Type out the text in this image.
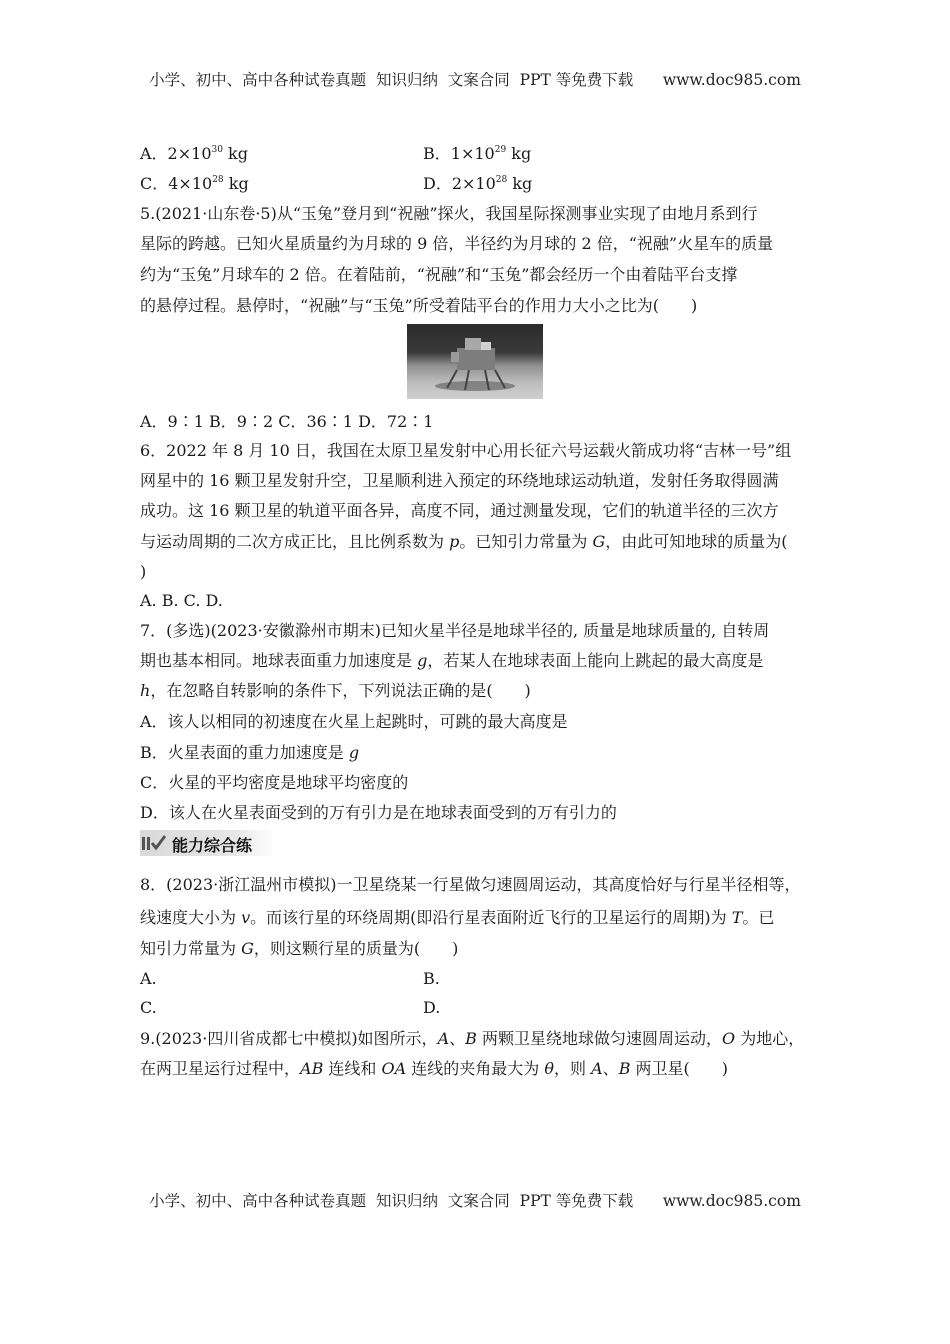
小学、初中、高中各种试卷真题  知识归纳  文案合同  PPT 等免费下载      www.doc985.com
A．$2\times 10^{30}$ kg	B．$1\times 10^{29}$ kg
C．$4\times 10^{28}$ kg	D．$2\times 10^{28}$ kg
5.(2021·山东卷·5)从“玉兔”登月到“祝融”探火，我国星际探测事业实现了由地月系到行
星际的跨越。已知火星质量约为月球的 9 倍，半径约为月球的 2 倍，“祝融”火星车的质量
约为“玉兔”月球车的 2 倍。在着陆前，“祝融”和“玉兔”都会经历一个由着陆平台支撑
的悬停过程。悬停时，“祝融”与“玉兔”所受着陆平台的作用力大小之比为(　　)
A．9∶1 B．9∶2 C．36∶1 D．72∶1
6．2022 年 8 月 10 日，我国在太原卫星发射中心用长征六号运载火箭成功将“吉林一号”组
网星中的 16 颗卫星发射升空，卫星顺利进入预定的环绕地球运动轨道，发射任务取得圆满
成功。这 16 颗卫星的轨道平面各异，高度不同，通过测量发现，它们的轨道半径的三次方
与运动周期的二次方成正比，且比例系数为 p。已知引力常量为 G，由此可知地球的质量为(
)
A. B. C. D.
7．(多选)(2023·安徽滁州市期末)已知火星半径是地球半径的, 质量是地球质量的, 自转周
期也基本相同。地球表面重力加速度是 g，若某人在地球表面上能向上跳起的最大高度是
h，在忽略自转影响的条件下，下列说法正确的是(　　)
A．该人以相同的初速度在火星上起跳时，可跳的最大高度是
B．火星表面的重力加速度是 g
C．火星的平均密度是地球平均密度的
D．该人在火星表面受到的万有引力是在地球表面受到的万有引力的
能力综合练
8．(2023·浙江温州市模拟)一卫星绕某一行星做匀速圆周运动，其高度恰好与行星半径相等，
线速度大小为 v。而该行星的环绕周期(即沿行星表面附近飞行的卫星运行的周期)为 T。已
知引力常量为 G，则这颗行星的质量为(　　)
A.	B.
C.	D.
9.(2023·四川省成都七中模拟)如图所示，A、B 两颗卫星绕地球做匀速圆周运动，O 为地心，
在两卫星运行过程中，AB 连线和 OA 连线的夹角最大为 θ，则 A、B 两卫星(　　)
小学、初中、高中各种试卷真题  知识归纳  文案合同  PPT 等免费下载      www.doc985.com
